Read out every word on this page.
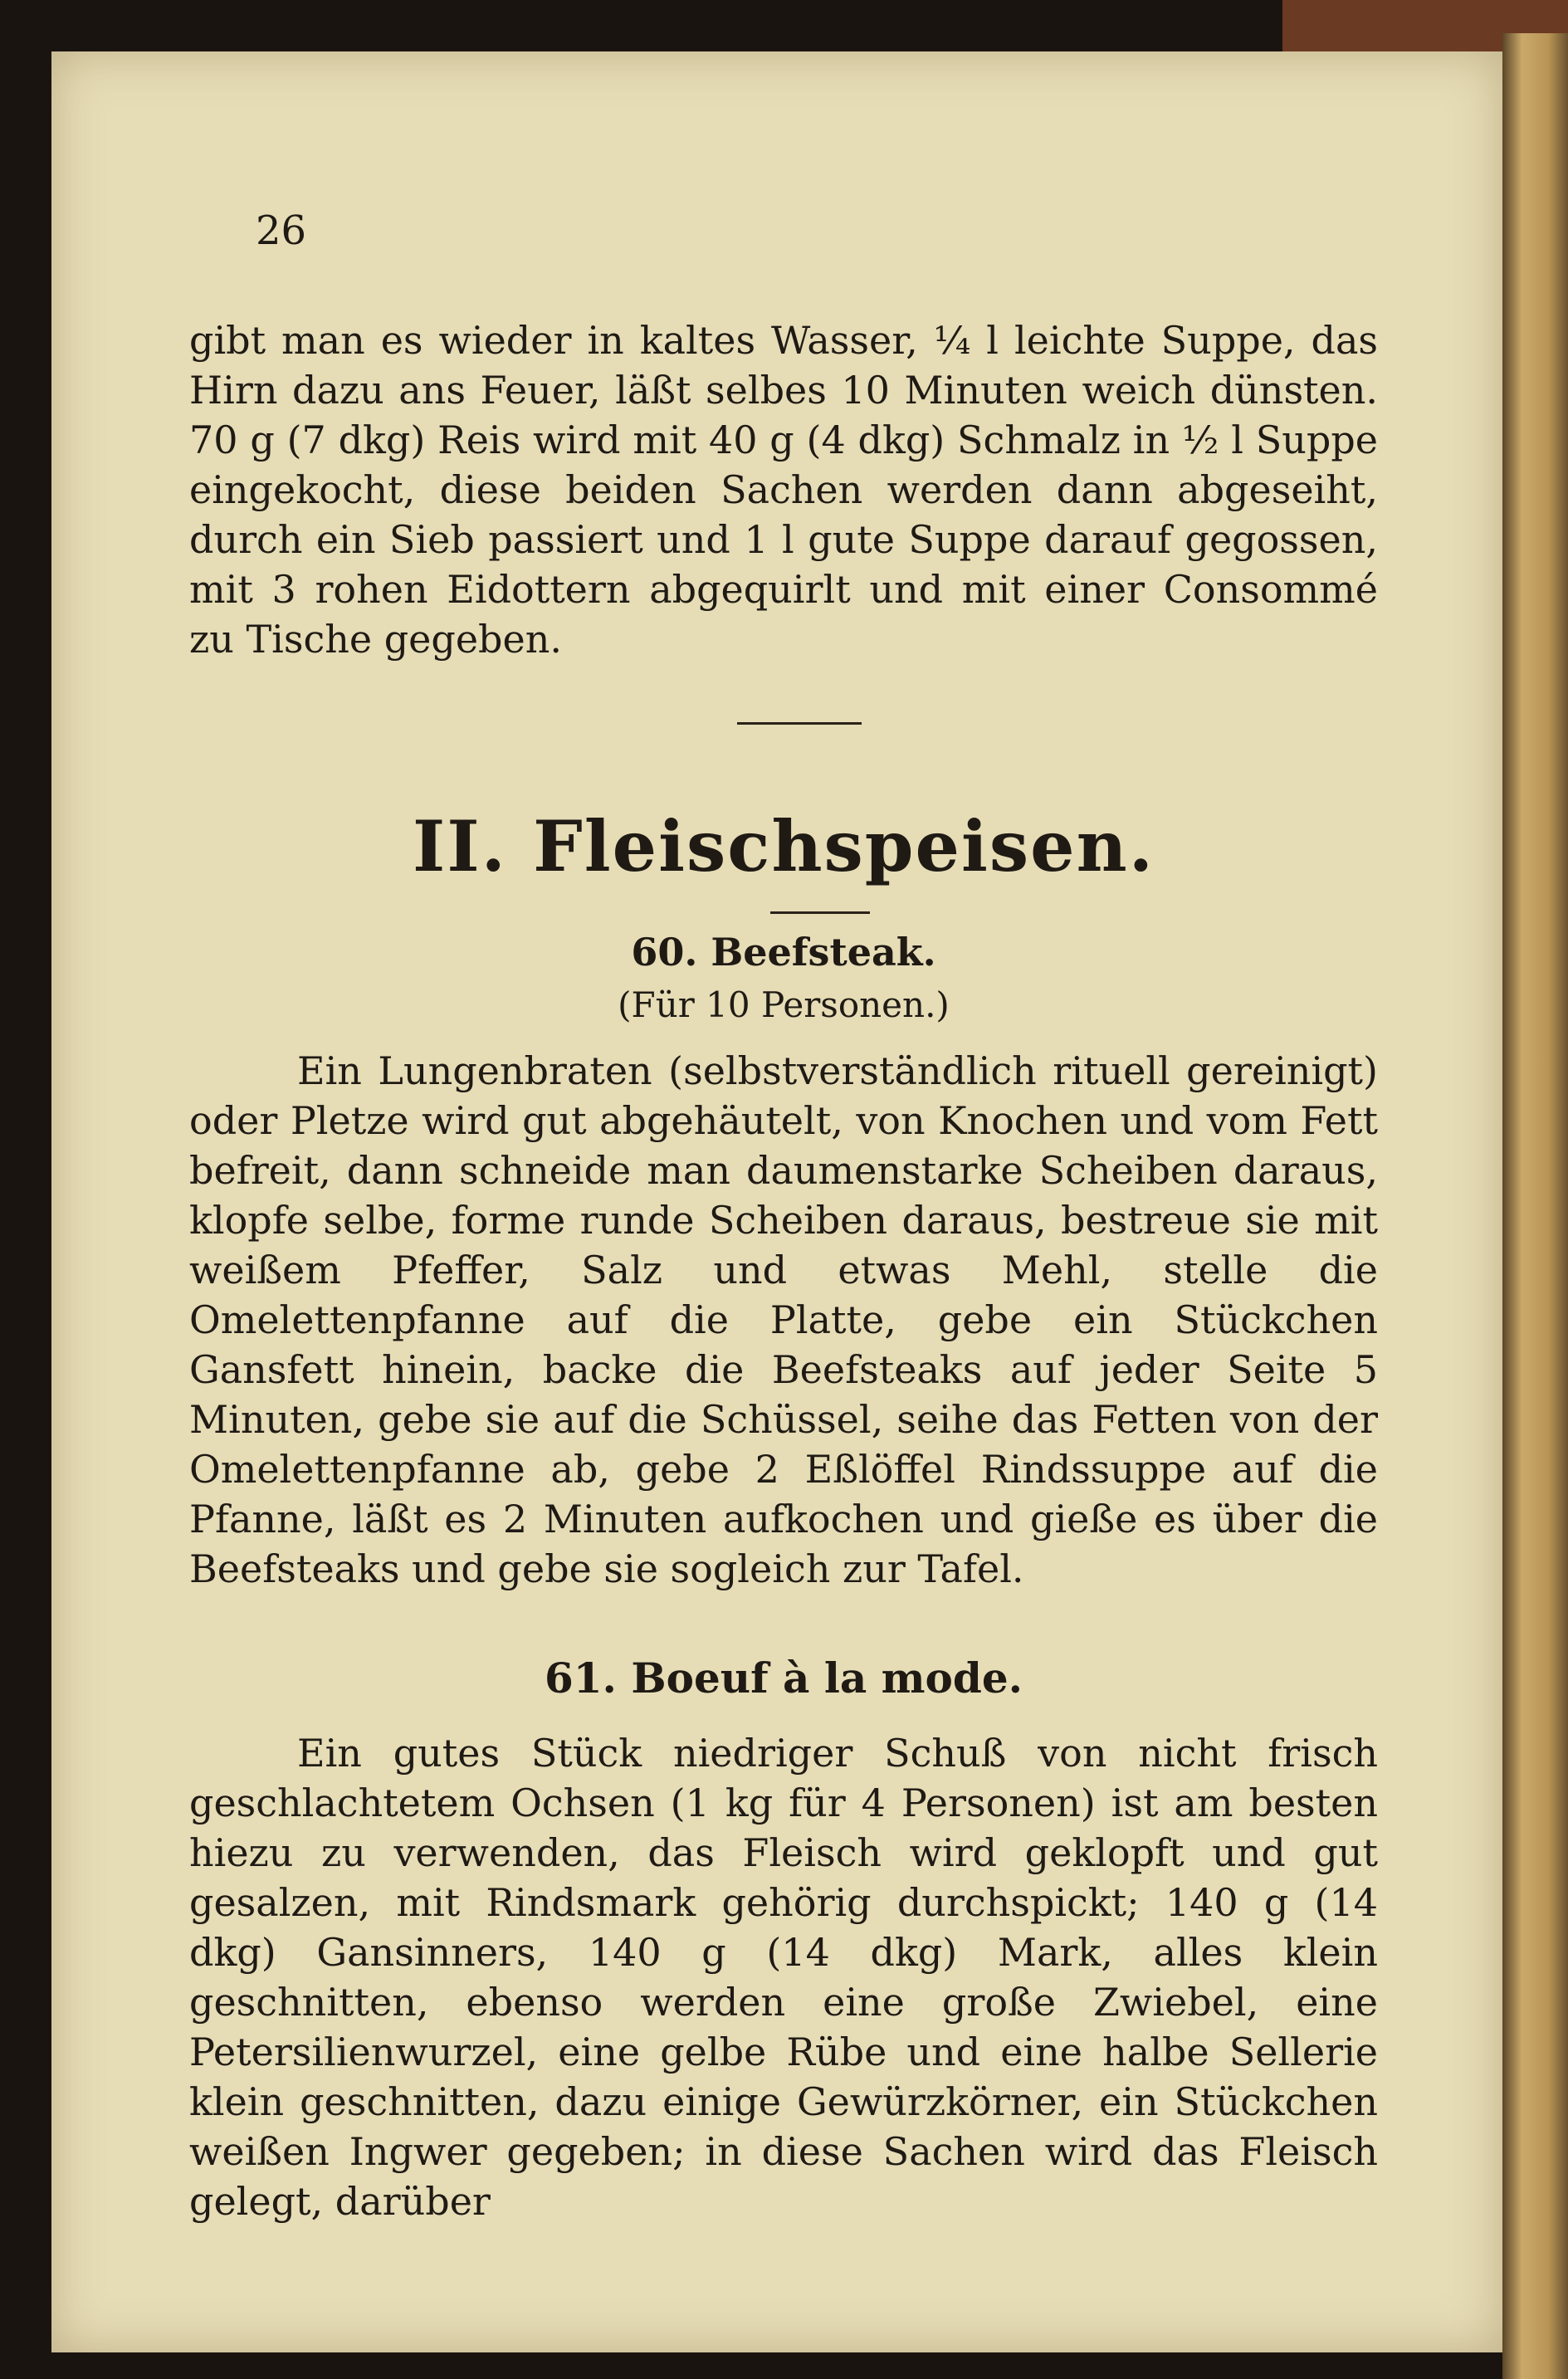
26

gibt man es wieder in kaltes Wasser, ¼ l leichte Suppe, das Hirn dazu ans Feuer, läßt selbes 10 Minuten weich dünsten. 70 g (7 dkg) Reis wird mit 40 g (4 dkg) Schmalz in ½ l Suppe eingekocht, diese beiden Sachen werden dann abgeseiht, durch ein Sieb passiert und 1 l gute Suppe darauf gegossen, mit 3 rohen Eidottern abgequirlt und mit einer Consommé zu Tische gegeben.

II. Fleischspeisen.
60. Beefsteak.
(Für 10 Personen.)

Ein Lungenbraten (selbstverständlich rituell gereinigt) oder Pletze wird gut abgehäutelt, von Knochen und vom Fett befreit, dann schneide man daumenstarke Scheiben daraus, klopfe selbe, forme runde Scheiben daraus, bestreue sie mit weißem Pfeffer, Salz und etwas Mehl, stelle die Omelettenpfanne auf die Platte, gebe ein Stückchen Gansfett hinein, backe die Beefsteaks auf jeder Seite 5 Minuten, gebe sie auf die Schüssel, seihe das Fetten von der Omelettenpfanne ab, gebe 2 Eßlöffel Rindssuppe auf die Pfanne, läßt es 2 Minuten aufkochen und gieße es über die Beefsteaks und gebe sie sogleich zur Tafel.

61. Boeuf à la mode.

Ein gutes Stück niedriger Schuß von nicht frisch geschlachtetem Ochsen (1 kg für 4 Personen) ist am besten hiezu zu verwenden, das Fleisch wird geklopft und gut gesalzen, mit Rindsmark gehörig durchspickt; 140 g (14 dkg) Gansinners, 140 g (14 dkg) Mark, alles klein geschnitten, ebenso werden eine große Zwiebel, eine Petersilienwurzel, eine gelbe Rübe und eine halbe Sellerie klein geschnitten, dazu einige Gewürzkörner, ein Stückchen weißen Ingwer gegeben; in diese Sachen wird das Fleisch gelegt, darüber
